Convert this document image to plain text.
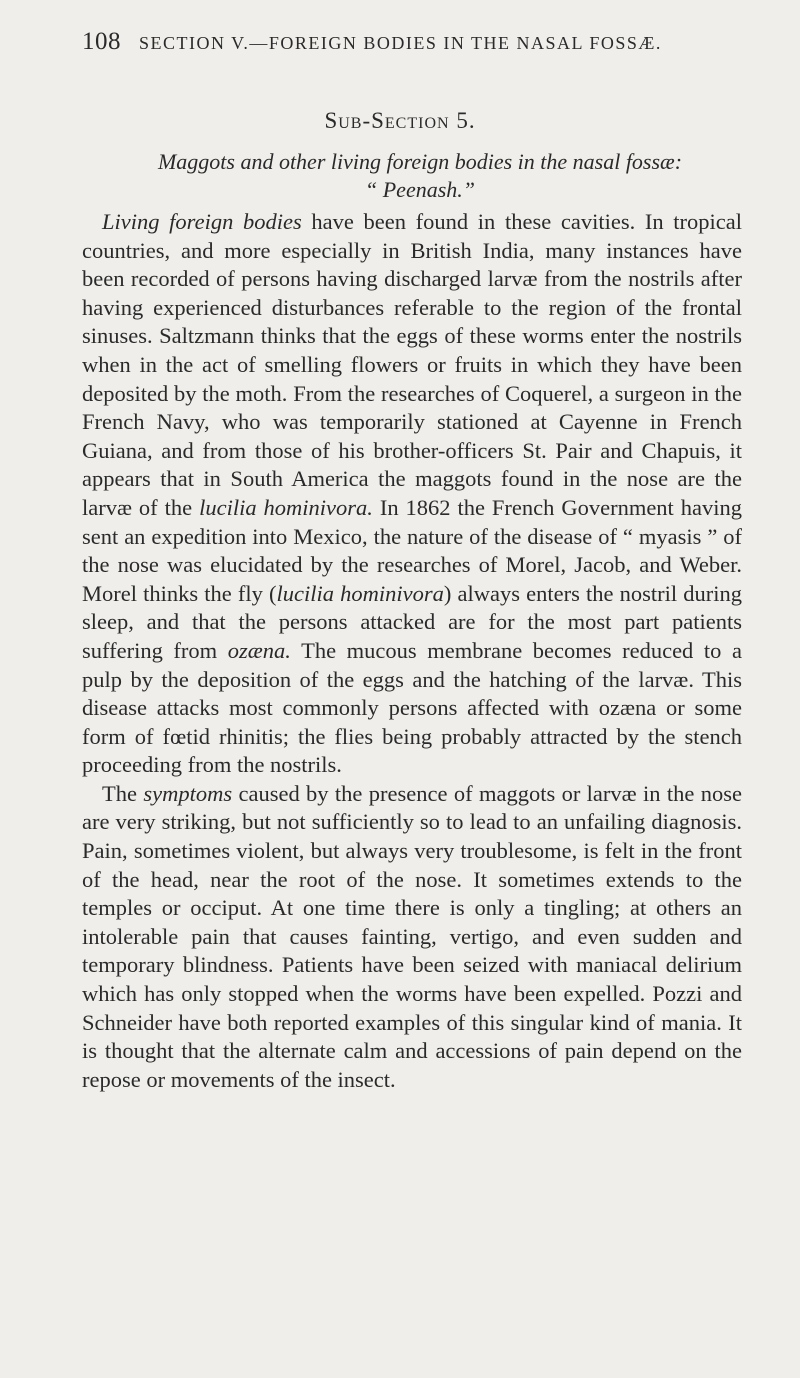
108 SECTION V.—FOREIGN BODIES IN THE NASAL FOSSÆ.
Sub-Section 5.
Maggots and other living foreign bodies in the nasal fossæ:
“ Peenash.”

Living foreign bodies have been found in these cavities. In tropical countries, and more especially in British India, many instances have been recorded of persons having discharged larvæ from the nostrils after having experienced disturbances referable to the region of the frontal sinuses. Saltzmann thinks that the eggs of these worms enter the nostrils when in the act of smelling flowers or fruits in which they have been deposited by the moth. From the researches of Coquerel, a surgeon in the French Navy, who was temporarily stationed at Cayenne in French Guiana, and from those of his brother-officers St. Pair and Chapuis, it appears that in South America the maggots found in the nose are the larvæ of the lucilia hominivora. In 1862 the French Government having sent an expedition into Mexico, the nature of the disease of “ myasis ” of the nose was elucidated by the researches of Morel, Jacob, and Weber. Morel thinks the fly (lucilia hominivora) always enters the nostril during sleep, and that the persons attacked are for the most part patients suffering from ozæna. The mucous membrane becomes reduced to a pulp by the deposition of the eggs and the hatching of the larvæ. This disease attacks most commonly persons affected with ozæna or some form of fœtid rhinitis; the flies being probably attracted by the stench proceeding from the nostrils.

The symptoms caused by the presence of maggots or larvæ in the nose are very striking, but not sufficiently so to lead to an unfailing diagnosis. Pain, sometimes violent, but always very troublesome, is felt in the front of the head, near the root of the nose. It sometimes extends to the temples or occiput. At one time there is only a tingling; at others an intolerable pain that causes fainting, vertigo, and even sudden and temporary blindness. Patients have been seized with maniacal delirium which has only stopped when the worms have been expelled. Pozzi and Schneider have both reported examples of this singular kind of mania. It is thought that the alternate calm and accessions of pain depend on the repose or movements of the insect.
